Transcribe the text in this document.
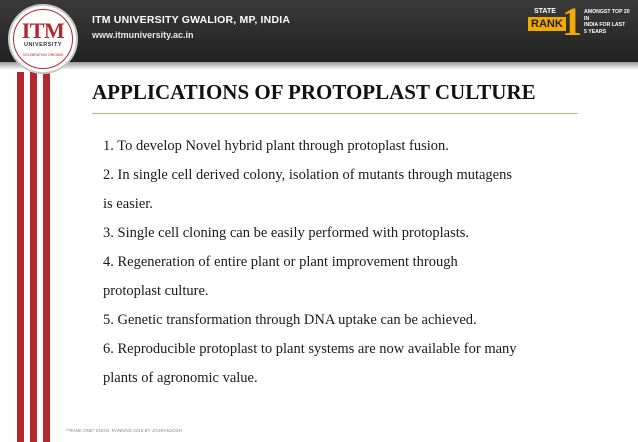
ITM
UNIVERSITY
CELEBRATING DREAMS
ITM UNIVERSITY GWALIOR, MP, INDIA
www.itmuniversity.ac.in
STATE
RANK 1 AMONGST TOP 20 IN
INDIA FOR LAST
5 YEARS
APPLICATIONS OF PROTOPLAST CULTURE
1. To develop Novel hybrid plant through protoplast fusion.
2. In single cell derived colony, isolation of mutants through mutagens
is easier.
3. Single cell cloning can be easily performed with protoplasts.
4. Regeneration of entire plant or plant improvement through
protoplast culture.
5. Genetic transformation through DNA uptake can be achieved.
6. Reproducible protoplast to plant systems are now available for many
plants of agronomic value.
**RANK ONE" ENGG. RANKING 2015 BY JAGRANJOSH
